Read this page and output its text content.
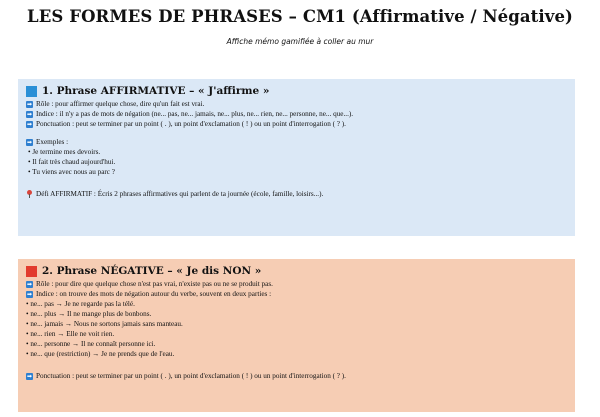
LES FORMES DE PHRASES – CM1 (Affirmative / Négative)
Affiche mémo gamifiée à coller au mur
1. Phrase AFFIRMATIVE – « J'affirme »
➡ Rôle : pour affirmer quelque chose, dire qu'un fait est vrai.
➡ Indice : il n'y a pas de mots de négation (ne... pas, ne... jamais, ne... plus, ne... rien, ne... personne, ne... que...).
➡ Ponctuation : peut se terminer par un point ( . ), un point d'exclamation ( ! ) ou un point d'interrogation ( ? ).
➡ Exemples :
• Je termine mes devoirs.
• Il fait très chaud aujourd'hui.
• Tu viens avec nous au parc ?
Défi AFFIRMATIF : Écris 2 phrases affirmatives qui parlent de ta journée (école, famille, loisirs...).
2. Phrase NÉGATIVE – « Je dis NON »
➡ Rôle : pour dire que quelque chose n'est pas vrai, n'existe pas ou ne se produit pas.
➡ Indice : on trouve des mots de négation autour du verbe, souvent en deux parties :
• ne... pas → Je ne regarde pas la télé.
• ne... plus → Il ne mange plus de bonbons.
• ne... jamais → Nous ne sortons jamais sans manteau.
• ne... rien → Elle ne voit rien.
• ne... personne → Il ne connaît personne ici.
• ne... que (restriction) → Je ne prends que de l'eau.
➡ Ponctuation : peut se terminer par un point ( . ), un point d'exclamation ( ! ) ou un point d'interrogation ( ? ).
